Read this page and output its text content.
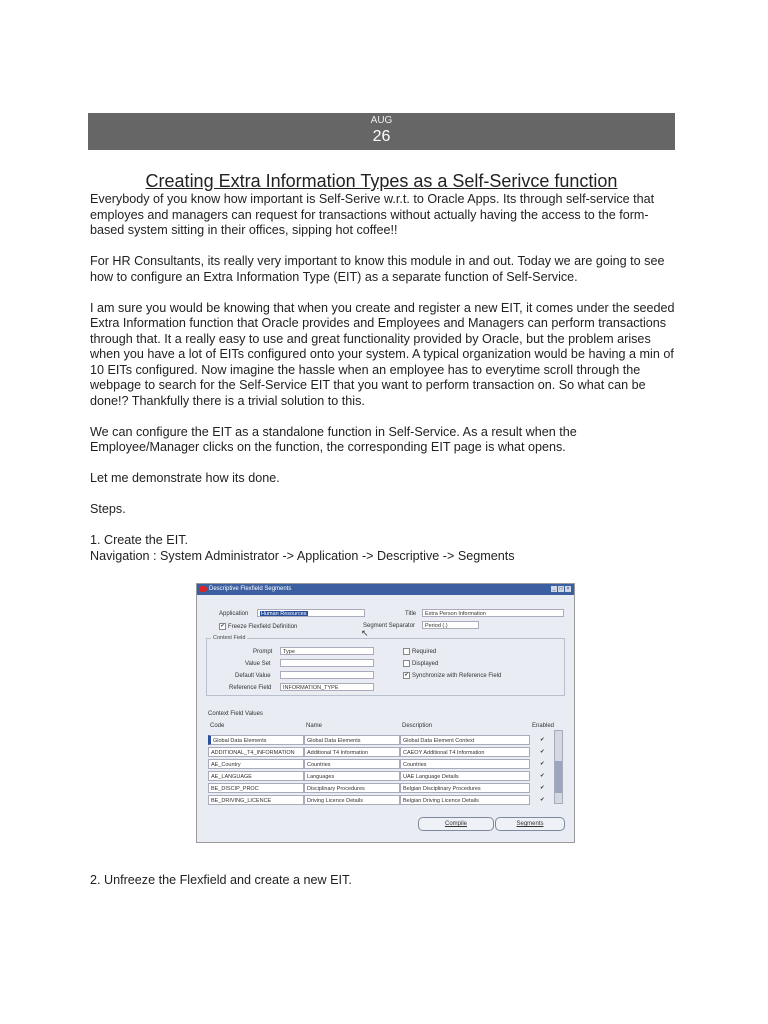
AUG
26
Creating Extra Information Types as a Self-Serivce function

Everybody of you know how important is Self-Serive w.r.t. to Oracle Apps. Its through self-service that employes and managers can request for transactions without actually having the access to the form-based system sitting in their offices, sipping hot coffee!!

For HR Consultants, its really very important to know this module in and out. Today we are going to see how to configure an Extra Information Type (EIT) as a separate function of Self-Service.

I am sure you would be knowing that when you create and register a new EIT, it comes under the seeded Extra Information function that Oracle provides and Employees and Managers can perform transactions through that. It a really easy to use and great functionality provided by Oracle, but the problem arises when you have a lot of EITs configured onto your system. A typical organization would be having a min of 10 EITs configured. Now imagine the hassle when an employee has to everytime scroll through the webpage to search for the Self-Service EIT that you want to perform transaction on. So what can be done!? Thankfully there is a trivial solution to this.

We can configure the EIT as a standalone function in Self-Service. As a result when the Employee/Manager clicks on the function, the corresponding EIT page is what opens.

Let me demonstrate how its done.

Steps.

1. Create the EIT.
Navigation : System Administrator -> Application -> Descriptive -> Segments

Descriptive Flexfield Segments	_ □ ×
Application	Human Resources	Title	Extra Person Information
✔ Freeze Flexfield Definition	Segment Separator	Period (.)
↖
Context Field
Prompt	Type
Value Set
Default Value
Reference Field	INFORMATION_TYPE
Required
Displayed
✔ Synchronize with Reference Field
Context Field Values
Code	Name	Description	Enabled
Global Data Elements	Global Data Elements	Global Data Element Context	✔
ADDITIONAL_T4_INFORMATION	Additional T4 Information	CAEOY Additional T4 Information	✔
AE_Country	Countries	Countries	✔
AE_LANGUAGE	Languages	UAE Language Details	✔
BE_DISCIP_PROC	Disciplinary Procedures	Belgian Disciplinary Procedures	✔
BE_DRIVING_LICENCE	Driving Licence Details	Belgian Driving Licence Details	✔
Compile	Segments

2. Unfreeze the Flexfield and create a new EIT.
